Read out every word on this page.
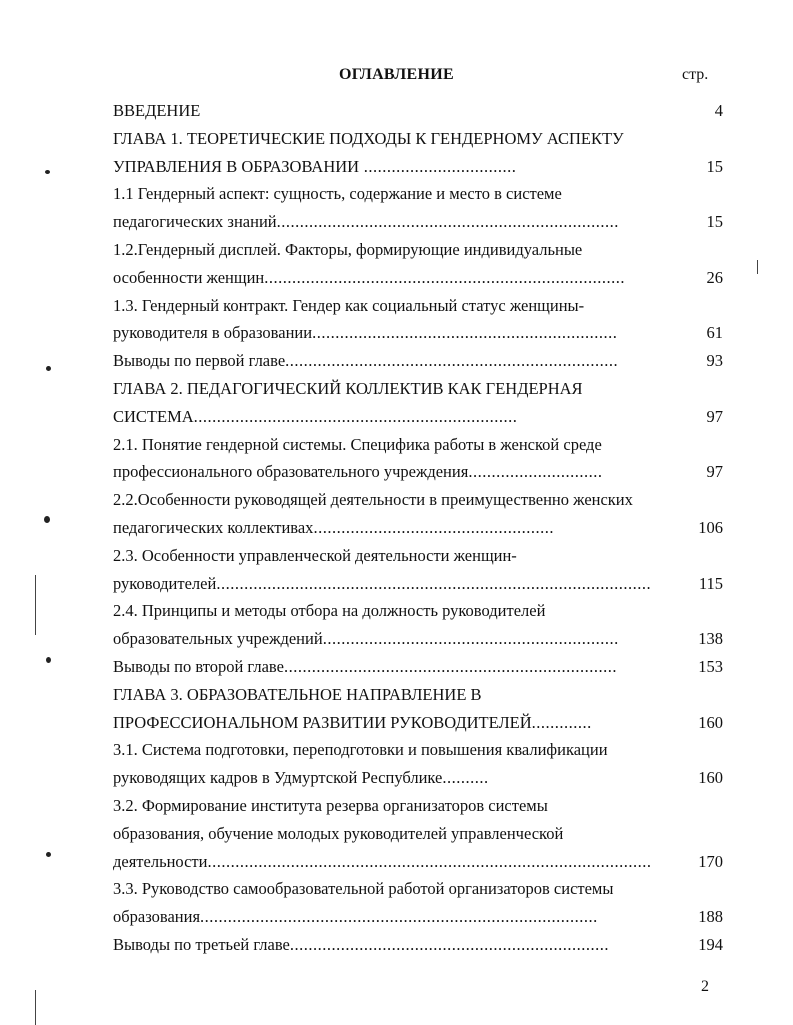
ОГЛАВЛЕНИЕ	стр.
ВВЕДЕНИЕ	4
ГЛАВА 1. ТЕОРЕТИЧЕСКИЕ ПОДХОДЫ К ГЕНДЕРНОМУ АСПЕКТУ
УПРАВЛЕНИЯ В ОБРАЗОВАНИИ .................................	15
1.1 Гендерный аспект: сущность, содержание и место в системе
педагогических знаний..........................................................................	15
1.2.Гендерный дисплей. Факторы, формирующие индивидуальные
особенности женщин..............................................................................	26
1.3. Гендерный контракт. Гендер как социальный статус женщины-
руководителя в образовании..................................................................	61
Выводы по первой главе........................................................................	93
ГЛАВА 2. ПЕДАГОГИЧЕСКИЙ КОЛЛЕКТИВ КАК ГЕНДЕРНАЯ
СИСТЕМА......................................................................	97
2.1. Понятие гендерной системы. Специфика работы в женской среде
профессионального образовательного учреждения.............................	97
2.2.Особенности руководящей деятельности в преимущественно женских
педагогических коллективах....................................................	106
2.3. Особенности управленческой деятельности женщин-
руководителей..............................................................................................	115
2.4. Принципы и методы отбора на должность руководителей
образовательных учреждений................................................................	138
Выводы по второй главе........................................................................	153
ГЛАВА 3. ОБРАЗОВАТЕЛЬНОЕ НАПРАВЛЕНИЕ В
ПРОФЕССИОНАЛЬНОМ РАЗВИТИИ РУКОВОДИТЕЛЕЙ.............	160
3.1. Система подготовки, переподготовки и повышения квалификации
руководящих кадров в Удмуртской Республике..........	160
3.2. Формирование института резерва организаторов системы
образования, обучение молодых руководителей управленческой
деятельности................................................................................................	170
3.3. Руководство самообразовательной работой организаторов системы
образования......................................................................................	188
Выводы по третьей главе.....................................................................	194
2
